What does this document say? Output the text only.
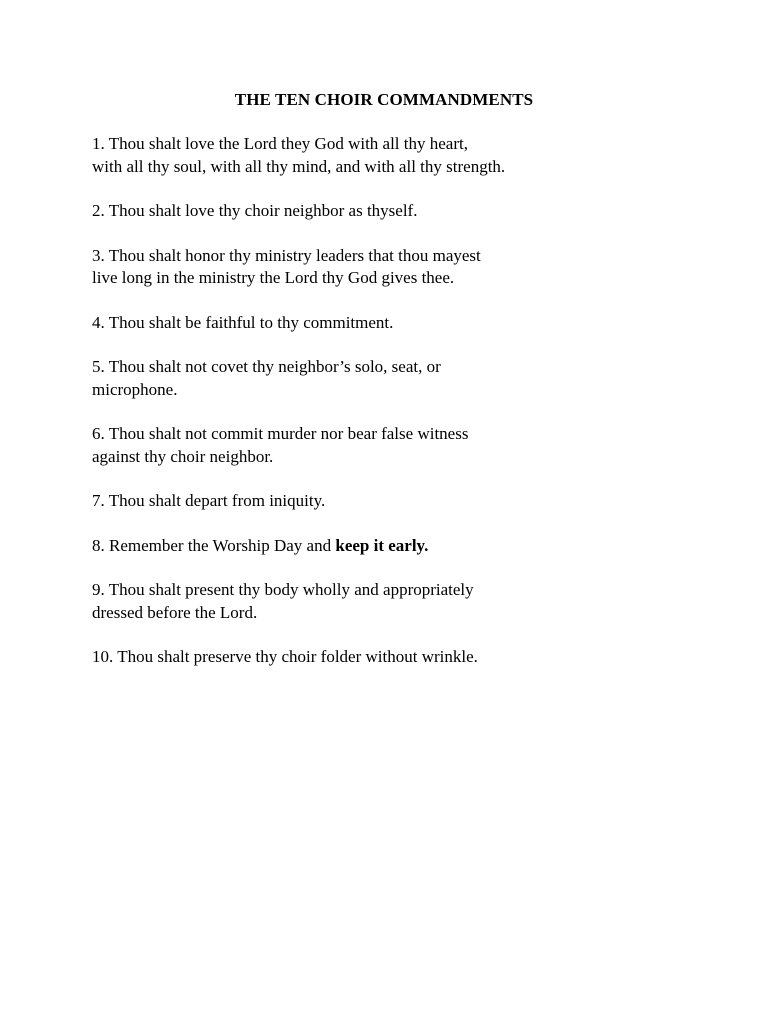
THE TEN CHOIR COMMANDMENTS
1. Thou shalt love the Lord they God with all thy heart,
with all thy soul, with all thy mind, and with all thy strength.
2. Thou shalt love thy choir neighbor as thyself.
3. Thou shalt honor thy ministry leaders that thou mayest
live long in the ministry the Lord thy God gives thee.
4. Thou shalt be faithful to thy commitment.
5. Thou shalt not covet thy neighbor’s solo, seat, or
microphone.
6. Thou shalt not commit murder nor bear false witness
against thy choir neighbor.
7. Thou shalt depart from iniquity.
8. Remember the Worship Day and keep it early.
9. Thou shalt present thy body wholly and appropriately
dressed before the Lord.
10. Thou shalt preserve thy choir folder without wrinkle.
